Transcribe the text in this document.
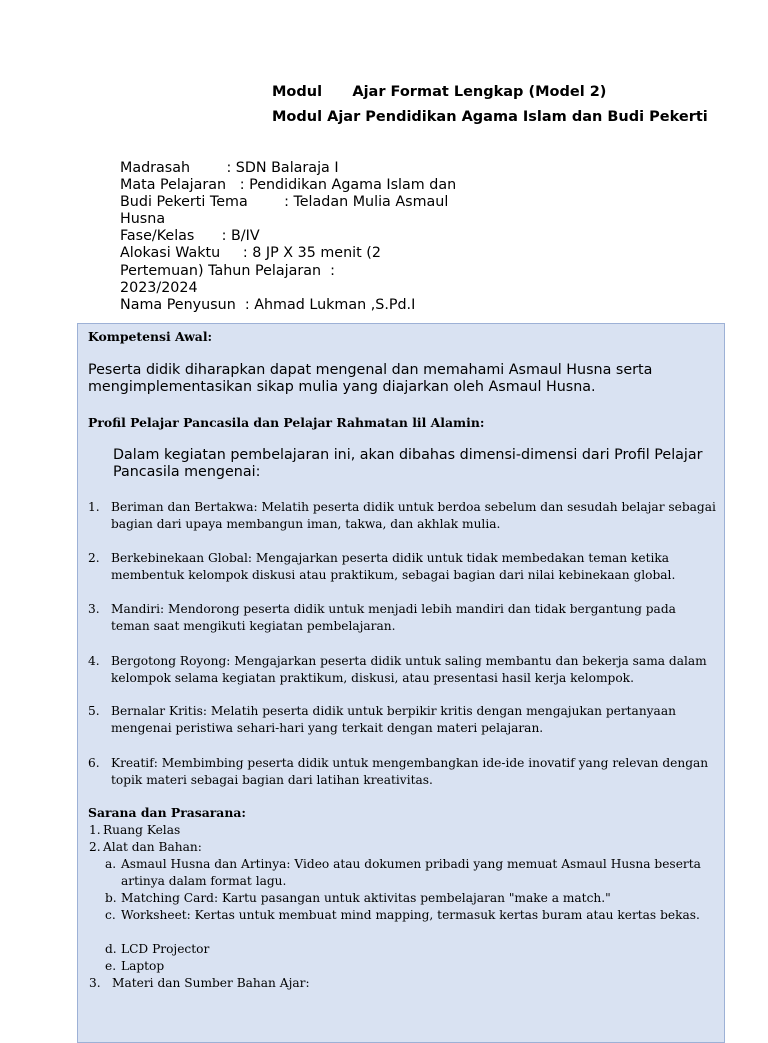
Modul      Ajar Format Lengkap (Model 2)
Modul Ajar Pendidikan Agama Islam dan Budi Pekerti
Madrasah        : SDN Balaraja I
Mata Pelajaran   : Pendidikan Agama Islam dan
Budi Pekerti Tema        : Teladan Mulia Asmaul
Husna
Fase/Kelas      : B/IV
Alokasi Waktu     : 8 JP X 35 menit (2
Pertemuan) Tahun Pelajaran  :
2023/2024
Nama Penyusun  : Ahmad Lukman ,S.Pd.I
Kompetensi Awal:
Peserta didik diharapkan dapat mengenal dan memahami Asmaul Husna serta mengimplementasikan sikap mulia yang diajarkan oleh Asmaul Husna.
Profil Pelajar Pancasila dan Pelajar Rahmatan lil Alamin:
Dalam kegiatan pembelajaran ini, akan dibahas dimensi-dimensi dari Profil Pelajar Pancasila mengenai:
1. Beriman dan Bertakwa: Melatih peserta didik untuk berdoa sebelum dan sesudah belajar sebagai bagian dari upaya membangun iman, takwa, dan akhlak mulia.
2. Berkebinekaan Global: Mengajarkan peserta didik untuk tidak membedakan teman ketika membentuk kelompok diskusi atau praktikum, sebagai bagian dari nilai kebinekaan global.
3. Mandiri: Mendorong peserta didik untuk menjadi lebih mandiri dan tidak bergantung pada teman saat mengikuti kegiatan pembelajaran.
4. Bergotong Royong: Mengajarkan peserta didik untuk saling membantu dan bekerja sama dalam kelompok selama kegiatan praktikum, diskusi, atau presentasi hasil kerja kelompok.
5. Bernalar Kritis: Melatih peserta didik untuk berpikir kritis dengan mengajukan pertanyaan mengenai peristiwa sehari-hari yang terkait dengan materi pelajaran.
6. Kreatif: Membimbing peserta didik untuk mengembangkan ide-ide inovatif yang relevan dengan topik materi sebagai bagian dari latihan kreativitas.
Sarana dan Prasarana:
1. Ruang Kelas
2. Alat dan Bahan:
a. Asmaul Husna dan Artinya: Video atau dokumen pribadi yang memuat Asmaul Husna beserta artinya dalam format lagu.
b. Matching Card: Kartu pasangan untuk aktivitas pembelajaran "make a match."
c. Worksheet: Kertas untuk membuat mind mapping, termasuk kertas buram atau kertas bekas.
d. LCD Projector
e. Laptop
3. Materi dan Sumber Bahan Ajar:
